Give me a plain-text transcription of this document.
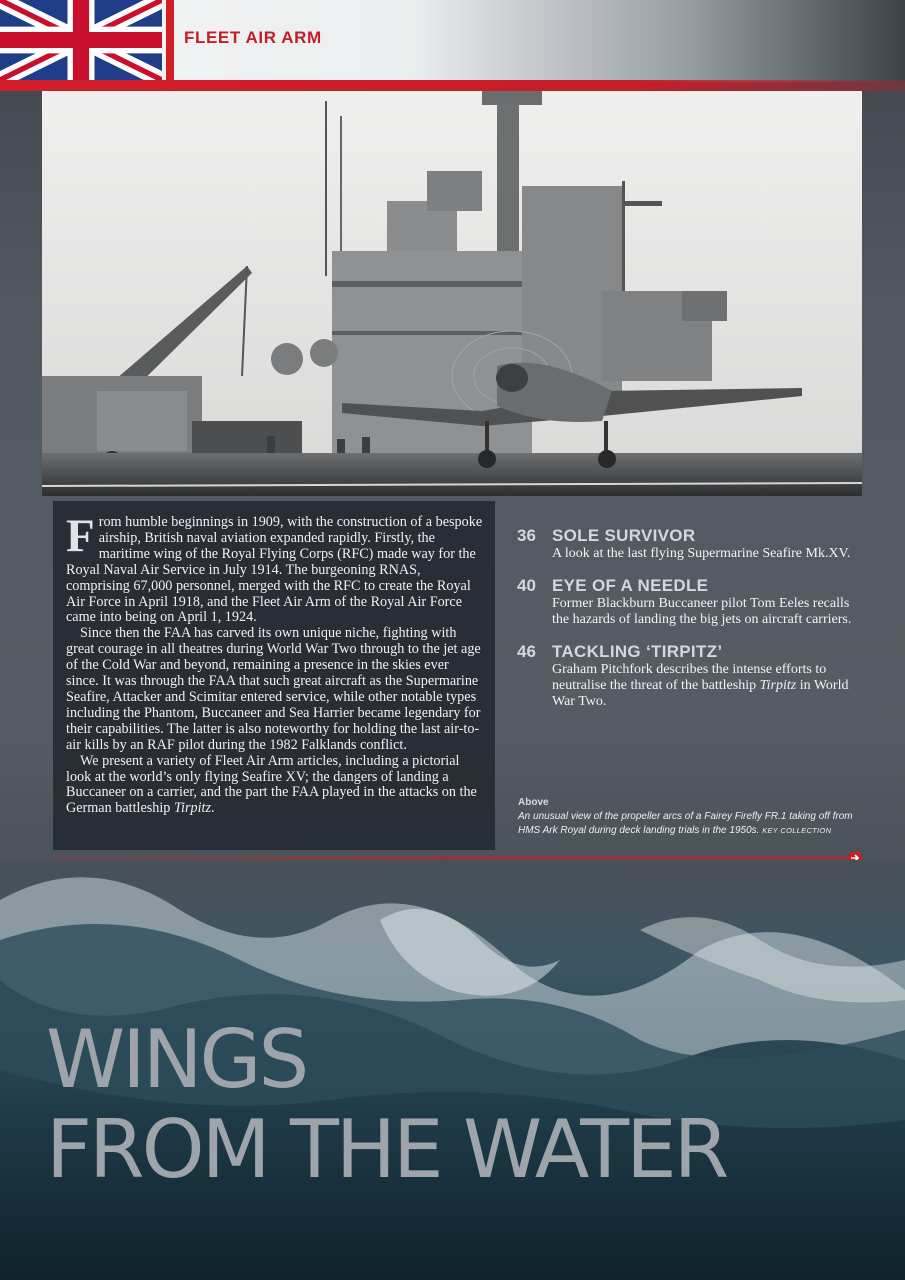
FLEET AIR ARM

From humble beginnings in 1909, with the construction of a bespoke airship, British naval aviation expanded rapidly. Firstly, the maritime wing of the Royal Flying Corps (RFC) made way for the Royal Naval Air Service in July 1914. The burgeoning RNAS, comprising 67,000 personnel, merged with the RFC to create the Royal Air Force in April 1918, and the Fleet Air Arm of the Royal Air Force came into being on April 1, 1924.

Since then the FAA has carved its own unique niche, fighting with great courage in all theatres during World War Two through to the jet age of the Cold War and beyond, remaining a presence in the skies ever since. It was through the FAA that such great aircraft as the Supermarine Seafire, Attacker and Scimitar entered service, while other notable types including the Phantom, Buccaneer and Sea Harrier became legendary for their capabilities. The latter is also noteworthy for holding the last air-to-air kills by an RAF pilot during the 1982 Falklands conflict.

We present a variety of Fleet Air Arm articles, including a pictorial look at the world’s only flying Seafire XV; the dangers of landing a Buccaneer on a carrier, and the part the FAA played in the attacks on the German battleship Tirpitz.

36 SOLE SURVIVOR
A look at the last flying Supermarine Seafire Mk.XV.
40 EYE OF A NEEDLE
Former Blackburn Buccaneer pilot Tom Eeles recalls the hazards of landing the big jets on aircraft carriers.
46 TACKLING ‘TIRPITZ’
Graham Pitchfork describes the intense efforts to neutralise the threat of the battleship Tirpitz in World War Two.
Above
An unusual view of the propeller arcs of a Fairey Firefly FR.1 taking off from HMS Ark Royal during deck landing trials in the 1950s. KEY COLLECTION
WINGS
FROM THE WATER
